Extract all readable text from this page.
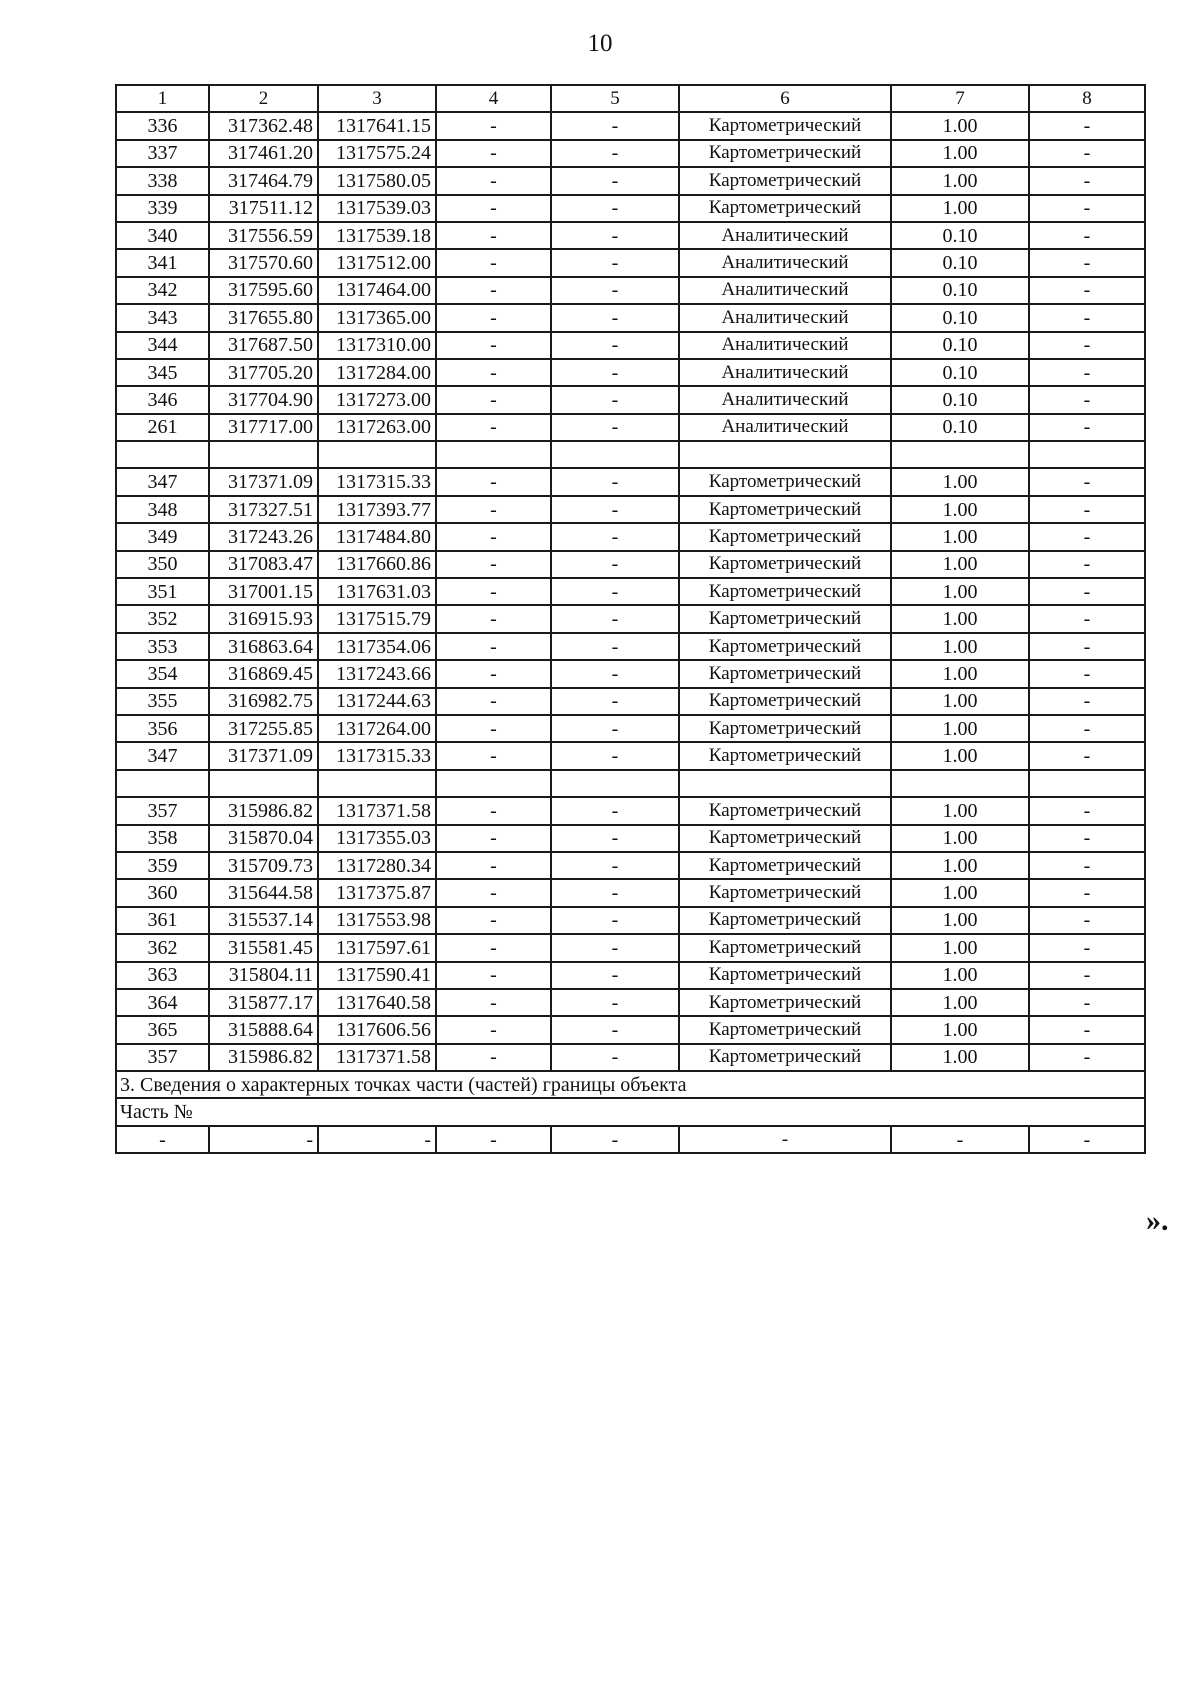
10
1	2	3	4	5	6	7	8
336	317362.48	1317641.15	-	-	Картометрический	1.00	-
337	317461.20	1317575.24	-	-	Картометрический	1.00	-
338	317464.79	1317580.05	-	-	Картометрический	1.00	-
339	317511.12	1317539.03	-	-	Картометрический	1.00	-
340	317556.59	1317539.18	-	-	Аналитический	0.10	-
341	317570.60	1317512.00	-	-	Аналитический	0.10	-
342	317595.60	1317464.00	-	-	Аналитический	0.10	-
343	317655.80	1317365.00	-	-	Аналитический	0.10	-
344	317687.50	1317310.00	-	-	Аналитический	0.10	-
345	317705.20	1317284.00	-	-	Аналитический	0.10	-
346	317704.90	1317273.00	-	-	Аналитический	0.10	-
261	317717.00	1317263.00	-	-	Аналитический	0.10	-

347	317371.09	1317315.33	-	-	Картометрический	1.00	-
348	317327.51	1317393.77	-	-	Картометрический	1.00	-
349	317243.26	1317484.80	-	-	Картометрический	1.00	-
350	317083.47	1317660.86	-	-	Картометрический	1.00	-
351	317001.15	1317631.03	-	-	Картометрический	1.00	-
352	316915.93	1317515.79	-	-	Картометрический	1.00	-
353	316863.64	1317354.06	-	-	Картометрический	1.00	-
354	316869.45	1317243.66	-	-	Картометрический	1.00	-
355	316982.75	1317244.63	-	-	Картометрический	1.00	-
356	317255.85	1317264.00	-	-	Картометрический	1.00	-
347	317371.09	1317315.33	-	-	Картометрический	1.00	-

357	315986.82	1317371.58	-	-	Картометрический	1.00	-
358	315870.04	1317355.03	-	-	Картометрический	1.00	-
359	315709.73	1317280.34	-	-	Картометрический	1.00	-
360	315644.58	1317375.87	-	-	Картометрический	1.00	-
361	315537.14	1317553.98	-	-	Картометрический	1.00	-
362	315581.45	1317597.61	-	-	Картометрический	1.00	-
363	315804.11	1317590.41	-	-	Картометрический	1.00	-
364	315877.17	1317640.58	-	-	Картометрический	1.00	-
365	315888.64	1317606.56	-	-	Картометрический	1.00	-
357	315986.82	1317371.58	-	-	Картометрический	1.00	-
3. Сведения о характерных точках части (частей) границы объекта							
Часть №							
-	-	-	-	-	-	-	-
».
